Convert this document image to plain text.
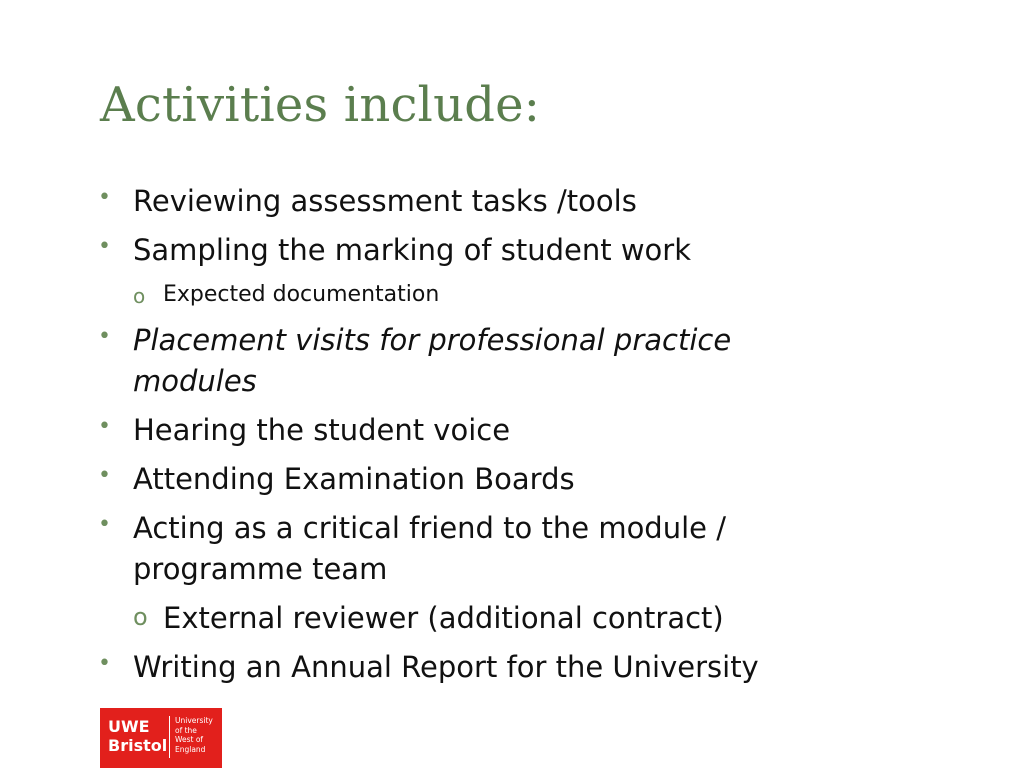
Activities include:
• Reviewing assessment tasks /tools
• Sampling the marking of student work
o Expected documentation
• Placement visits for professional practice
modules
• Hearing the student voice
• Attending Examination Boards
• Acting as a critical friend to the module /
programme team
o External reviewer (additional contract)
• Writing an Annual Report for the University
UWE
Bristol
University
of the
West of
England
